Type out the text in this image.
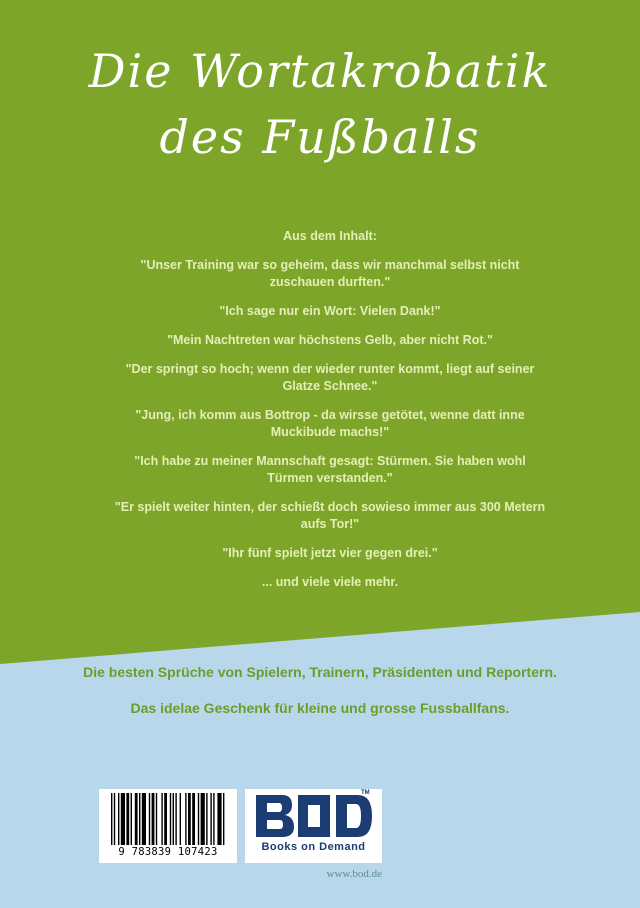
Die Wortakrobatik
des Fußballs

Aus dem Inhalt:

"Unser Training war so geheim, dass wir manchmal selbst nicht zuschauen durften."

"Ich sage nur ein Wort: Vielen Dank!"

"Mein Nachtreten war höchstens Gelb, aber nicht Rot."

"Der springt so hoch; wenn der wieder runter kommt, liegt auf seiner Glatze Schnee."

"Jung, ich komm aus Bottrop - da wirsse getötet, wenne datt inne Muckibude machs!"

"Ich habe zu meiner Mannschaft gesagt: Stürmen. Sie haben wohl Türmen verstanden."

"Er spielt weiter hinten, der schießt doch sowieso immer aus 300 Metern aufs Tor!"

"Ihr fünf spielt jetzt vier gegen drei."

... und viele viele mehr.

Die besten Sprüche von Spielern, Trainern, Präsidenten und Reportern.

Das idelae Geschenk für kleine und grosse Fussballfans.

9 783839 107423
TM
Books on Demand
www.bod.de
